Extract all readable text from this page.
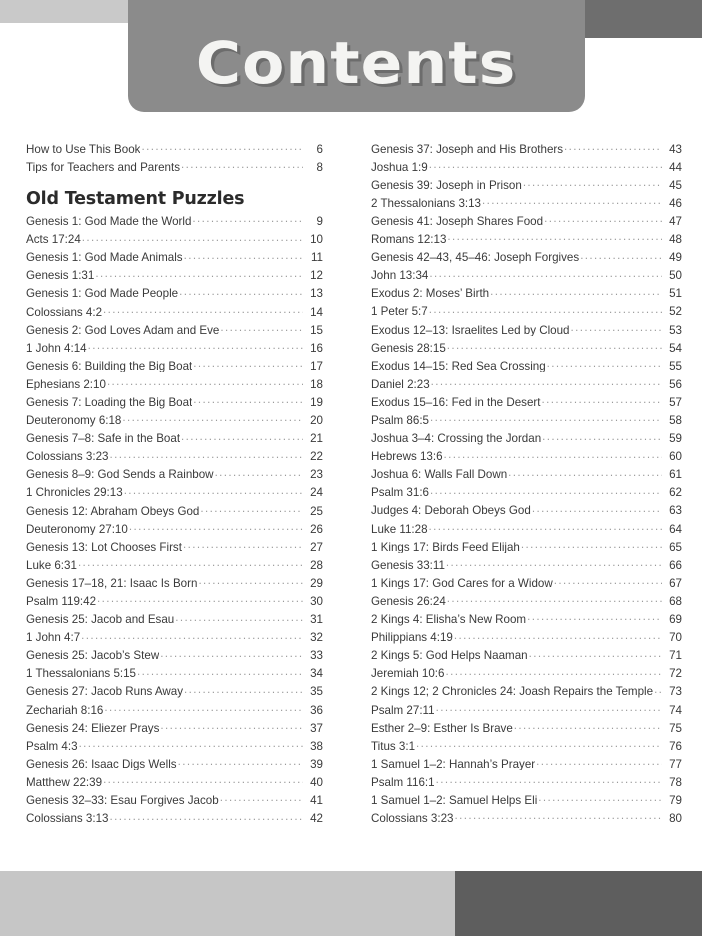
Contents
How to Use This Book .....	6
Tips for Teachers and Parents .....	8
Old Testament Puzzles
Genesis 1: God Made the World .....	9
Acts 17:24 .....	10
Genesis 1: God Made Animals .....	11
Genesis 1:31 .....	12
Genesis 1: God Made People .....	13
Colossians 4:2 .....	14
Genesis 2: God Loves Adam and Eve .....	15
1 John 4:14 .....	16
Genesis 6: Building the Big Boat .....	17
Ephesians 2:10 .....	18
Genesis 7: Loading the Big Boat .....	19
Deuteronomy 6:18 .....	20
Genesis 7–8: Safe in the Boat .....	21
Colossians 3:23 .....	22
Genesis 8–9: God Sends a Rainbow .....	23
1 Chronicles 29:13 .....	24
Genesis 12: Abraham Obeys God .....	25
Deuteronomy 27:10 .....	26
Genesis 13: Lot Chooses First .....	27
Luke 6:31 .....	28
Genesis 17–18, 21: Isaac Is Born .....	29
Psalm 119:42 .....	30
Genesis 25: Jacob and Esau .....	31
1 John 4:7 .....	32
Genesis 25: Jacob’s Stew .....	33
1 Thessalonians 5:15 .....	34
Genesis 27: Jacob Runs Away .....	35
Zechariah 8:16 .....	36
Genesis 24: Eliezer Prays .....	37
Psalm 4:3 .....	38
Genesis 26: Isaac Digs Wells .....	39
Matthew 22:39 .....	40
Genesis 32–33: Esau Forgives Jacob .....	41
Colossians 3:13 .....	42
Genesis 37: Joseph and His Brothers .....	43
Joshua 1:9 .....	44
Genesis 39: Joseph in Prison .....	45
2 Thessalonians 3:13 .....	46
Genesis 41: Joseph Shares Food .....	47
Romans 12:13 .....	48
Genesis 42–43, 45–46: Joseph Forgives .....	49
John 13:34 .....	50
Exodus 2: Moses’ Birth .....	51
1 Peter 5:7 .....	52
Exodus 12–13: Israelites Led by Cloud .....	53
Genesis 28:15 .....	54
Exodus 14–15: Red Sea Crossing .....	55
Daniel 2:23 .....	56
Exodus 15–16: Fed in the Desert .....	57
Psalm 86:5 .....	58
Joshua 3–4: Crossing the Jordan .....	59
Hebrews 13:6 .....	60
Joshua 6: Walls Fall Down .....	61
Psalm 31:6 .....	62
Judges 4: Deborah Obeys God .....	63
Luke 11:28 .....	64
1 Kings 17: Birds Feed Elijah .....	65
Genesis 33:11 .....	66
1 Kings 17: God Cares for a Widow .....	67
Genesis 26:24 .....	68
2 Kings 4: Elisha’s New Room .....	69
Philippians 4:19 .....	70
2 Kings 5: God Helps Naaman .....	71
Jeremiah 10:6 .....	72
2 Kings 12; 2 Chronicles 24: Joash Repairs the Temple .....	73
Psalm 27:11 .....	74
Esther 2–9: Esther Is Brave .....	75
Titus 3:1 .....	76
1 Samuel 1–2: Hannah’s Prayer .....	77
Psalm 116:1 .....	78
1 Samuel 1–2: Samuel Helps Eli .....	79
Colossians 3:23 .....	80
